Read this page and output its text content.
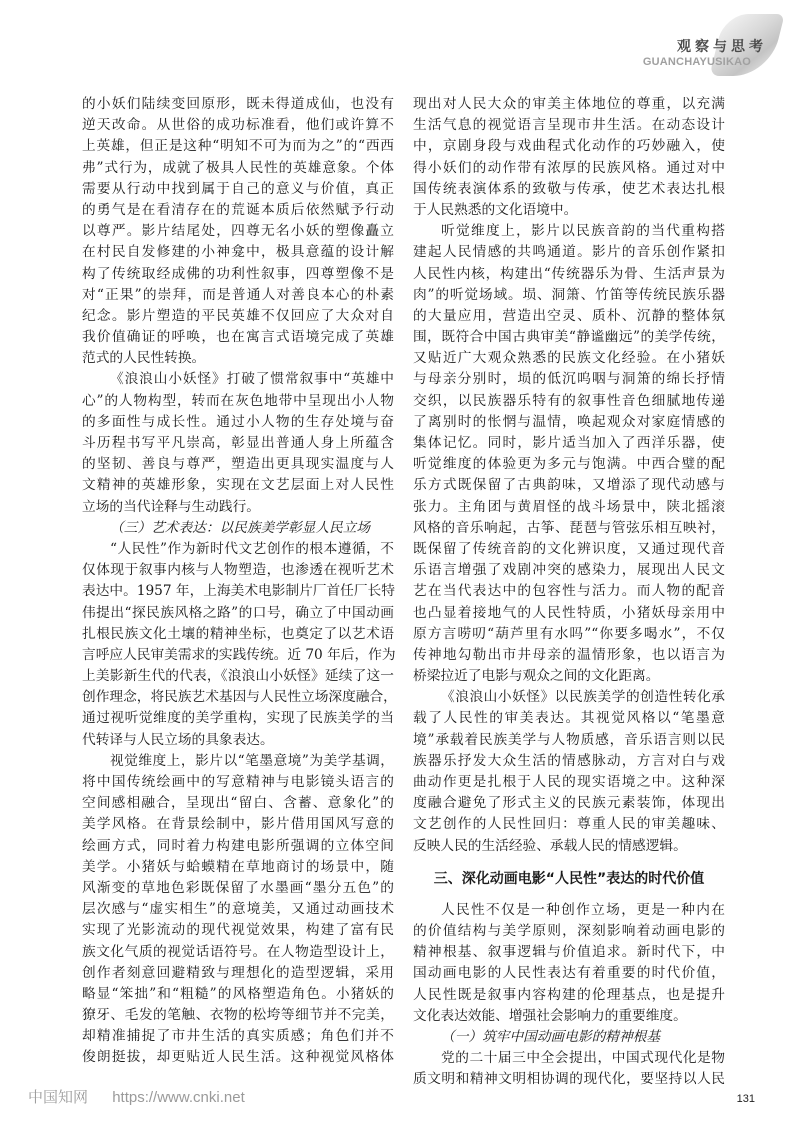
观察与思考
GUANCHAYUSIKAO
的小妖们陆续变回原形，既未得道成仙，也没有
逆天改命。从世俗的成功标准看，他们或许算不
上英雄，但正是这种“明知不可为而为之”的“西西
弗”式行为，成就了极具人民性的英雄意象。个体
需要从行动中找到属于自己的意义与价值，真正
的勇气是在看清存在的荒诞本质后依然赋予行动
以尊严。影片结尾处，四尊无名小妖的塑像矗立
在村民自发修建的小神龛中，极具意蕴的设计解
构了传统取经成佛的功利性叙事，四尊塑像不是
对“正果”的崇拜，而是普通人对善良本心的朴素
纪念。影片塑造的平民英雄不仅回应了大众对自
我价值确证的呼唤，也在寓言式语境完成了英雄
范式的人民性转换。
《浪浪山小妖怪》打破了惯常叙事中“英雄中
心”的人物构型，转而在灰色地带中呈现出小人物
的多面性与成长性。通过小人物的生存处境与奋
斗历程书写平凡崇高，彰显出普通人身上所蕴含
的坚韧、善良与尊严，塑造出更具现实温度与人
文精神的英雄形象，实现在文艺层面上对人民性
立场的当代诠释与生动践行。
（三）艺术表达：以民族美学彰显人民立场
“人民性”作为新时代文艺创作的根本遵循，不
仅体现于叙事内核与人物塑造，也渗透在视听艺术
表达中。1957 年，上海美术电影制片厂首任厂长特
伟提出“探民族风格之路”的口号，确立了中国动画
扎根民族文化土壤的精神坐标，也奠定了以艺术语
言呼应人民审美需求的实践传统。近 70 年后，作为
上美影新生代的代表，《浪浪山小妖怪》延续了这一
创作理念，将民族艺术基因与人民性立场深度融合，
通过视听觉维度的美学重构，实现了民族美学的当
代转译与人民立场的具象表达。
视觉维度上，影片以“笔墨意境”为美学基调，
将中国传统绘画中的写意精神与电影镜头语言的
空间感相融合，呈现出“留白、含蓄、意象化”的
美学风格。在背景绘制中，影片借用国风写意的
绘画方式，同时着力构建电影所强调的立体空间
美学。小猪妖与蛤蟆精在草地商讨的场景中，随
风渐变的草地色彩既保留了水墨画“墨分五色”的
层次感与“虚实相生”的意境美，又通过动画技术
实现了光影流动的现代视觉效果，构建了富有民
族文化气质的视觉话语符号。在人物造型设计上，
创作者刻意回避精致与理想化的造型逻辑，采用
略显“笨拙”和“粗糙”的风格塑造角色。小猪妖的
獠牙、毛发的笔触、衣物的松垮等细节并不完美，
却精准捕捉了市井生活的真实质感；角色们并不
俊朗挺拔，却更贴近人民生活。这种视觉风格体
现出对人民大众的审美主体地位的尊重，以充满
生活气息的视觉语言呈现市井生活。在动态设计
中，京剧身段与戏曲程式化动作的巧妙融入，使
得小妖们的动作带有浓厚的民族风格。通过对中
国传统表演体系的致敬与传承，使艺术表达扎根
于人民熟悉的文化语境中。
听觉维度上，影片以民族音韵的当代重构搭
建起人民情感的共鸣通道。影片的音乐创作紧扣
人民性内核，构建出“传统器乐为骨、生活声景为
肉”的听觉场域。埙、洞箫、竹笛等传统民族乐器
的大量应用，营造出空灵、质朴、沉静的整体氛
围，既符合中国古典审美“静谧幽远”的美学传统，
又贴近广大观众熟悉的民族文化经验。在小猪妖
与母亲分别时，埙的低沉呜咽与洞箫的绵长抒情
交织，以民族器乐特有的叙事性音色细腻地传递
了离别时的怅惘与温情，唤起观众对家庭情感的
集体记忆。同时，影片适当加入了西洋乐器，使
听觉维度的体验更为多元与饱满。中西合璧的配
乐方式既保留了古典韵味，又增添了现代动感与
张力。主角团与黄眉怪的战斗场景中，陕北摇滚
风格的音乐响起，古筝、琵琶与管弦乐相互映衬，
既保留了传统音韵的文化辨识度，又通过现代音
乐语言增强了戏剧冲突的感染力，展现出人民文
艺在当代表达中的包容性与活力。而人物的配音
也凸显着接地气的人民性特质，小猪妖母亲用中
原方言唠叨“葫芦里有水吗”“你要多喝水”，不仅
传神地勾勒出市井母亲的温情形象，也以语言为
桥梁拉近了电影与观众之间的文化距离。
《浪浪山小妖怪》以民族美学的创造性转化承
载了人民性的审美表达。其视觉风格以“笔墨意
境”承载着民族美学与人物质感，音乐语言则以民
族器乐抒发大众生活的情感脉动，方言对白与戏
曲动作更是扎根于人民的现实语境之中。这种深
度融合避免了形式主义的民族元素装饰，体现出
文艺创作的人民性回归：尊重人民的审美趣味、
反映人民的生活经验、承载人民的情感逻辑。
三、深化动画电影“人民性”表达的时代价值
人民性不仅是一种创作立场，更是一种内在
的价值结构与美学原则，深刻影响着动画电影的
精神根基、叙事逻辑与价值追求。新时代下，中
国动画电影的人民性表达有着重要的时代价值，
人民性既是叙事内容构建的伦理基点，也是提升
文化表达效能、增强社会影响力的重要维度。
（一）筑牢中国动画电影的精神根基
党的二十届三中全会提出，中国式现代化是物
质文明和精神文明相协调的现代化，要坚持以人民
中国知网 https://www.cnki.net	131
